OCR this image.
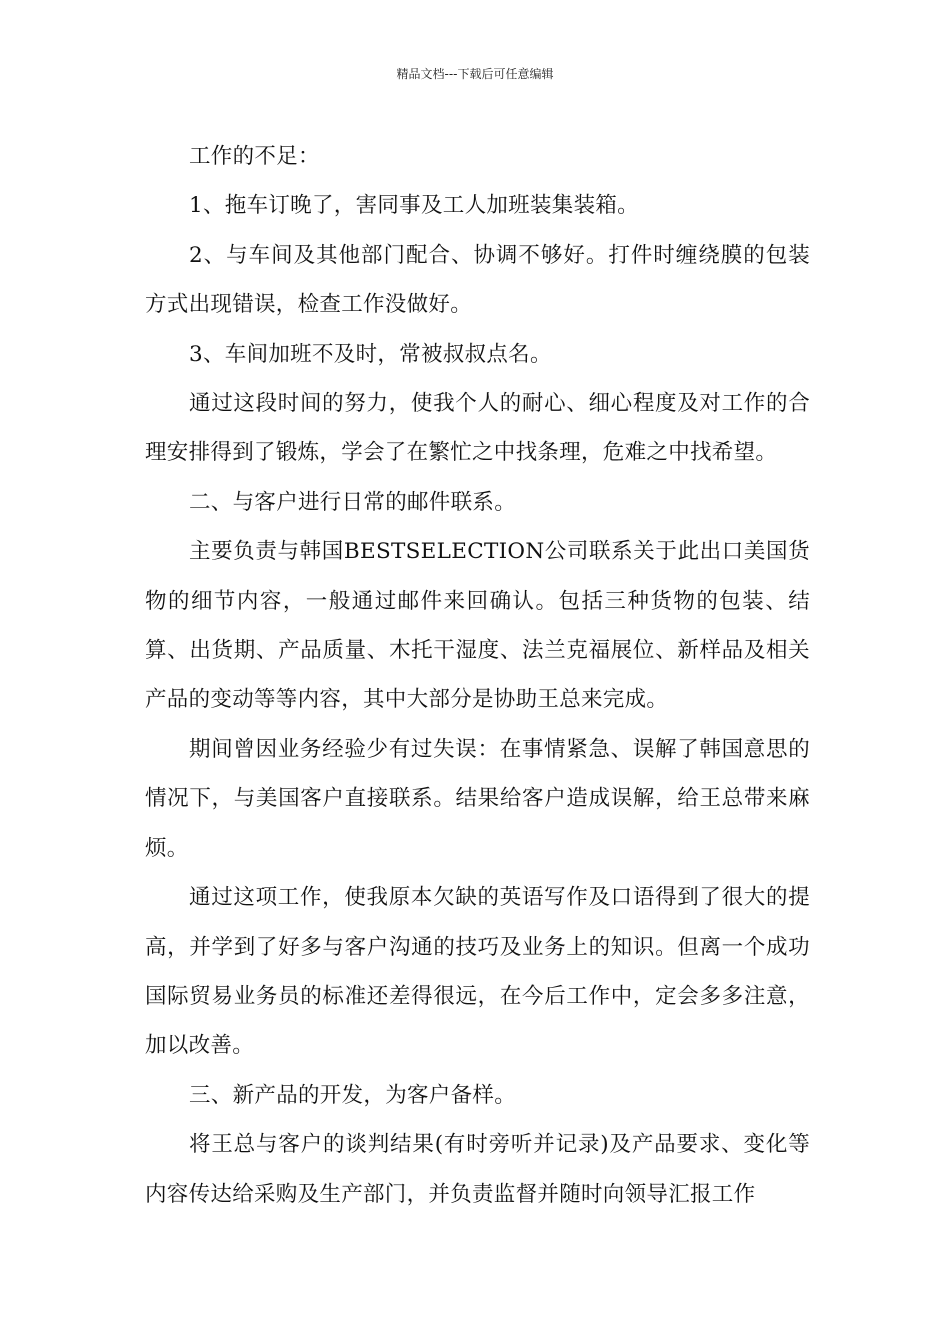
精品文档---下载后可任意编辑

工作的不足：

1、拖车订晚了，害同事及工人加班装集装箱。

2、与车间及其他部门配合、协调不够好。打件时缠绕膜的包装方式出现错误，检查工作没做好。

3、车间加班不及时，常被叔叔点名。

通过这段时间的努力，使我个人的耐心、细心程度及对工作的合理安排得到了锻炼，学会了在繁忙之中找条理，危难之中找希望。

二、与客户进行日常的邮件联系。

主要负责与韩国BESTSELECTION公司联系关于此出口美国货物的细节内容，一般通过邮件来回确认。包括三种货物的包装、结算、出货期、产品质量、木托干湿度、法兰克福展位、新样品及相关产品的变动等等内容，其中大部分是协助王总来完成。

期间曾因业务经验少有过失误：在事情紧急、误解了韩国意思的情况下，与美国客户直接联系。结果给客户造成误解，给王总带来麻烦。

通过这项工作，使我原本欠缺的英语写作及口语得到了很大的提高，并学到了好多与客户沟通的技巧及业务上的知识。但离一个成功国际贸易业务员的标准还差得很远，在今后工作中，定会多多注意，加以改善。

三、新产品的开发，为客户备样。

将王总与客户的谈判结果(有时旁听并记录)及产品要求、变化等内容传达给采购及生产部门，并负责监督并随时向领导汇报工作
